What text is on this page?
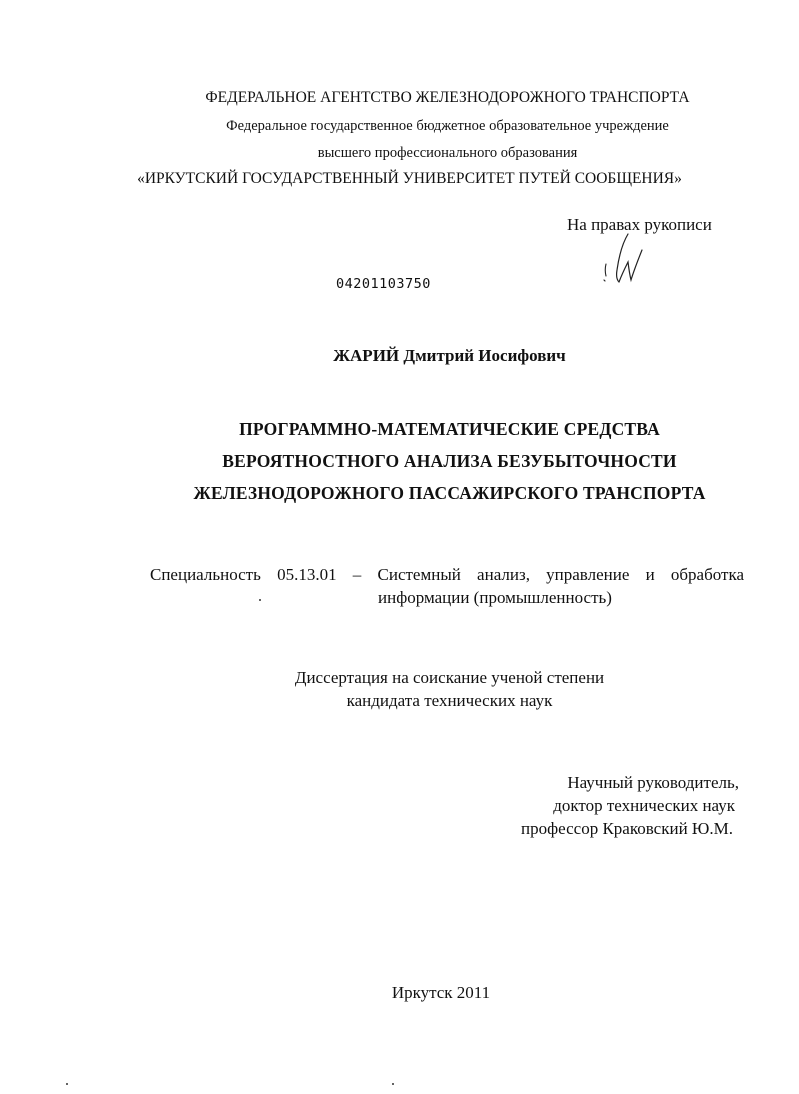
ФЕДЕРАЛЬНОЕ АГЕНТСТВО ЖЕЛЕЗНОДОРОЖНОГО ТРАНСПОРТА
Федеральное государственное бюджетное образовательное учреждение
высшего профессионального образования
«ИРКУТСКИЙ ГОСУДАРСТВЕННЫЙ УНИВЕРСИТЕТ ПУТЕЙ СООБЩЕНИЯ»
На правах рукописи
04201103750
ЖАРИЙ Дмитрий Иосифович
ПРОГРАММНО-МАТЕМАТИЧЕСКИЕ СРЕДСТВА
ВЕРОЯТНОСТНОГО АНАЛИЗА БЕЗУБЫТОЧНОСТИ
ЖЕЛЕЗНОДОРОЖНОГО ПАССАЖИРСКОГО ТРАНСПОРТА
Специальность 05.13.01 – Системный анализ, управление и обработка
информации (промышленность)
Диссертация на соискание ученой степени
кандидата технических наук
Научный руководитель,
доктор технических наук
профессор Краковский Ю.М.
Иркутск 2011
